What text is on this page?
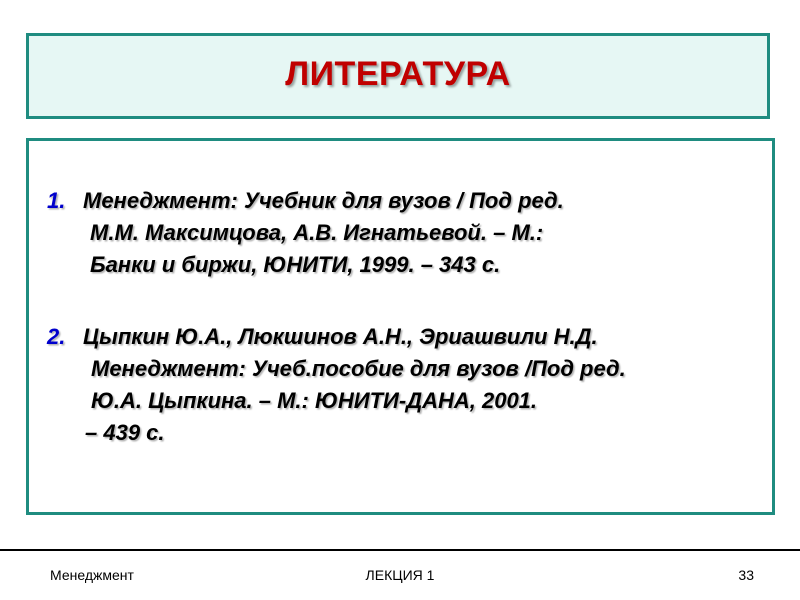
ЛИТЕРАТУРА
1. Менеджмент: Учебник для вузов / Под ред.
М.М. Максимцова, А.В. Игнатьевой. – М.:
Банки и биржи, ЮНИТИ, 1999. – 343 с.
2. Цыпкин Ю.А., Люкшинов А.Н., Эриашвили Н.Д.
Менеджмент: Учеб.пособие для вузов /Под ред.
Ю.А. Цыпкина. – М.: ЮНИТИ-ДАНА, 2001.
– 439 с.
Менеджмент	ЛЕКЦИЯ 1	33
